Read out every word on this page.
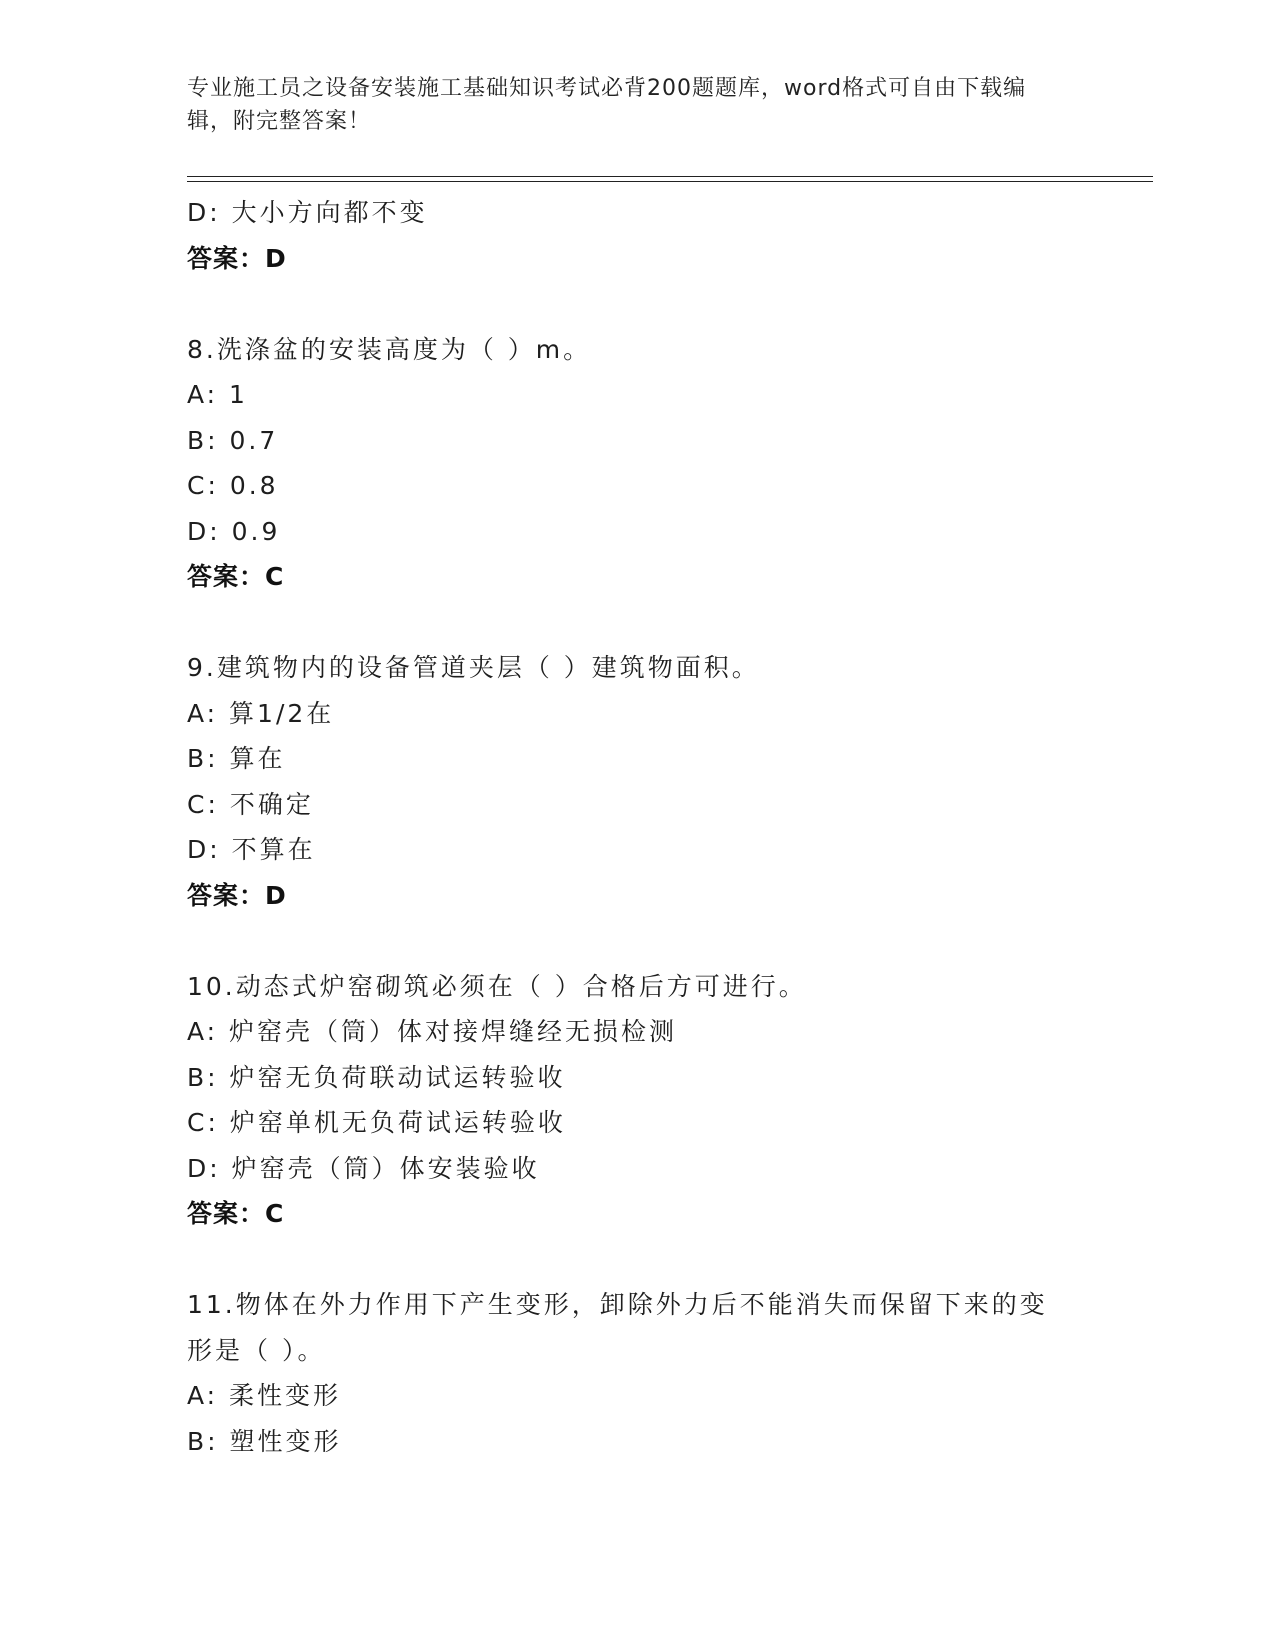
专业施工员之设备安装施工基础知识考试必背200题题库，word格式可自由下载编辑，附完整答案！
D: 大小方向都不变
答案：D
8.洗涤盆的安装高度为（ ）m。
A: 1
B: 0.7
C: 0.8
D: 0.9
答案：C
9.建筑物内的设备管道夹层（ ）建筑物面积。
A: 算1/2在
B: 算在
C: 不确定
D: 不算在
答案：D
10.动态式炉窑砌筑必须在（ ）合格后方可进行。
A: 炉窑壳（筒）体对接焊缝经无损检测
B: 炉窑无负荷联动试运转验收
C: 炉窑单机无负荷试运转验收
D: 炉窑壳（筒）体安装验收
答案：C
11.物体在外力作用下产生变形，卸除外力后不能消失而保留下来的变形是（ ）。
A: 柔性变形
B: 塑性变形
